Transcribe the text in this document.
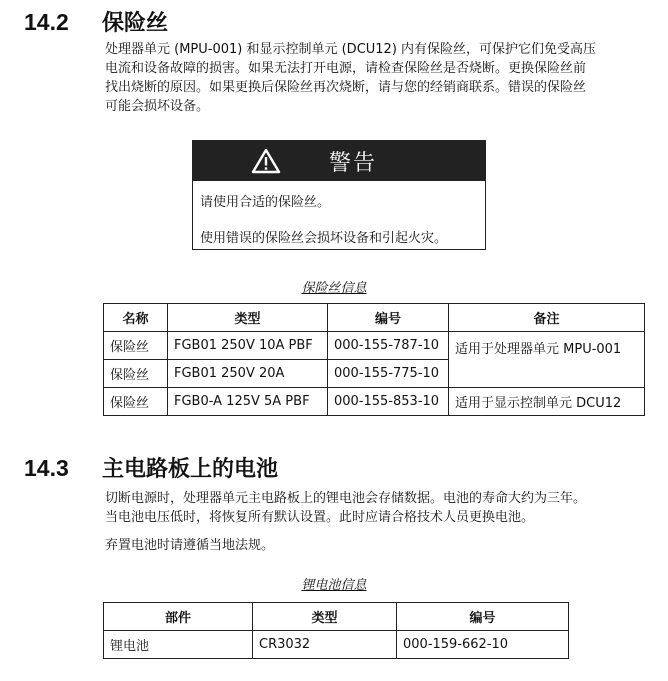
14.2	保险丝

处理器单元 (MPU-001) 和显示控制单元 (DCU12) 内有保险丝，可保护它们免受高压
电流和设备故障的损害。如果无法打开电源，请检查保险丝是否烧断。更换保险丝前
找出烧断的原因。如果更换后保险丝再次烧断，请与您的经销商联系。错误的保险丝
可能会损坏设备。

警告
请使用合适的保险丝。
使用错误的保险丝会损坏设备和引起火灾。
保险丝信息
名称	类型	编号	备注
保险丝	FGB01 250V 10A PBF	000-155-787-10	适用于处理器单元 MPU-001
保险丝	FGB01 250V 20A	000-155-775-10	
保险丝	FGB0-A 125V 5A PBF	000-155-853-10	适用于显示控制单元 DCU12
14.3	主电路板上的电池

切断电源时，处理器单元主电路板上的锂电池会存储数据。电池的寿命大约为三年。
当电池电压低时，将恢复所有默认设置。此时应请合格技术人员更换电池。

弃置电池时请遵循当地法规。

锂电池信息
部件	类型	编号
锂电池	CR3032	000-159-662-10
